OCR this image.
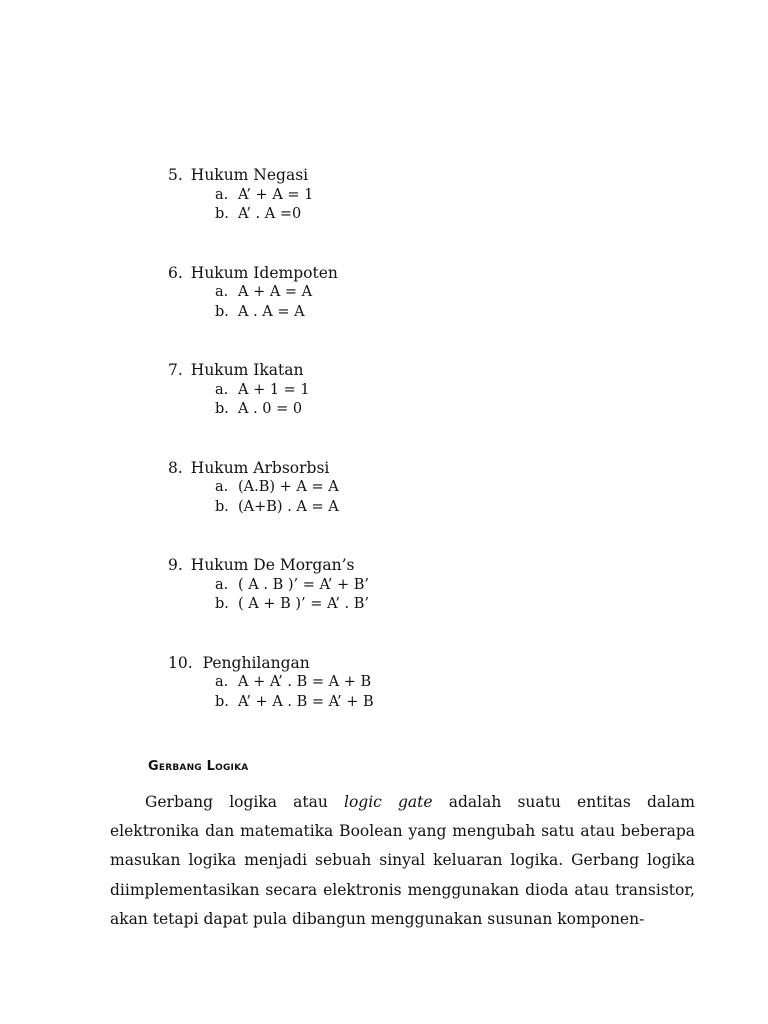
5. Hukum Negasi
a. A’ + A = 1
b. A’ . A =0
6. Hukum Idempoten
a. A + A = A
b. A . A = A
7. Hukum Ikatan
a. A + 1 = 1
b. A . 0 = 0
8. Hukum Arbsorbsi
a. (A.B) + A = A
b. (A+B) . A = A
9. Hukum De Morgan’s
a. ( A . B )’ = A’ + B’
b. ( A + B )’ = A’ . B’
10. Penghilangan
a. A + A’ . B = A + B
b. A’ + A . B = A’ + B
Gerbang Logika

Gerbang logika atau logic gate adalah suatu entitas dalam elektronika dan matematika Boolean yang mengubah satu atau beberapa masukan logika menjadi sebuah sinyal keluaran logika. Gerbang logika diimplementasikan secara elektronis menggunakan dioda atau transistor, akan tetapi dapat pula dibangun menggunakan susunan komponen-
